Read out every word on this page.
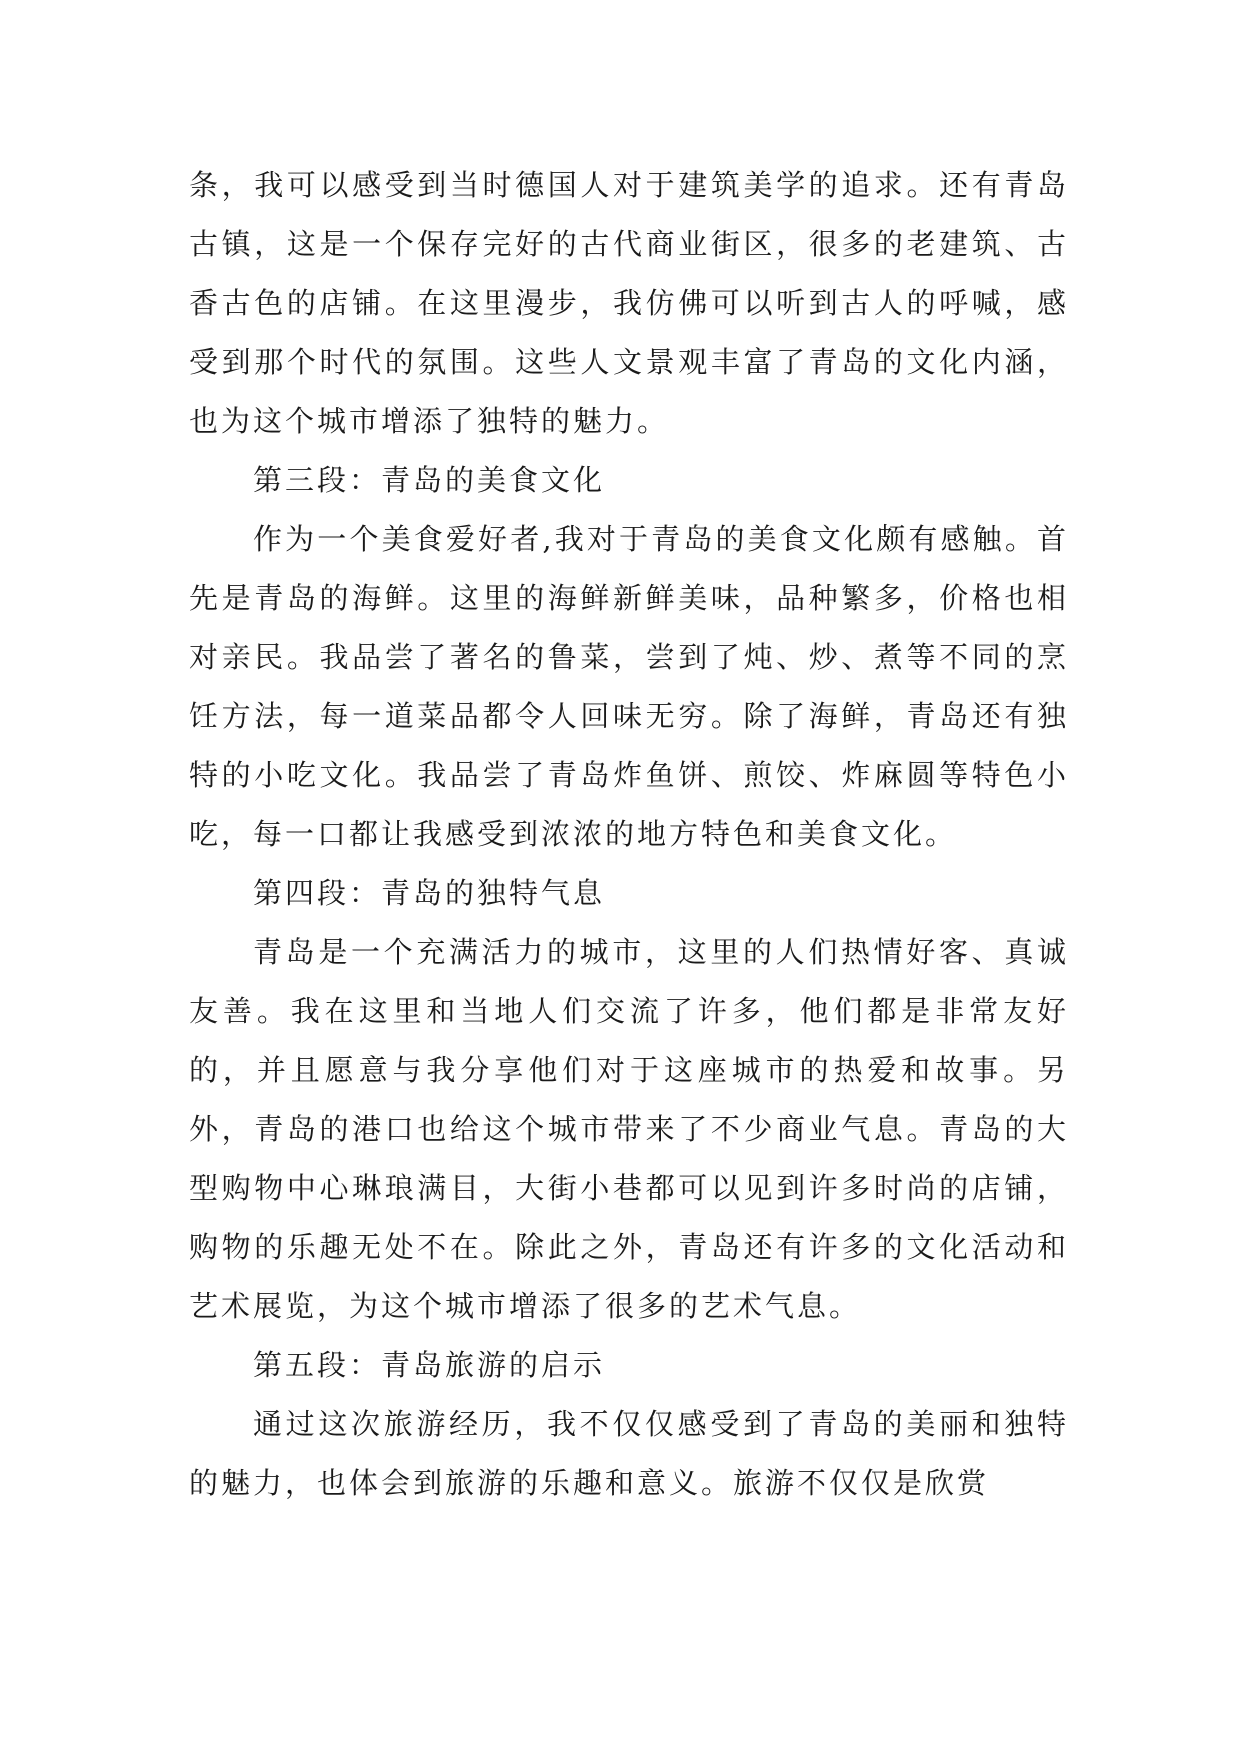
条，我可以感受到当时德国人对于建筑美学的追求。还有青岛古镇，这是一个保存完好的古代商业街区，很多的老建筑、古香古色的店铺。在这里漫步，我仿佛可以听到古人的呼喊，感受到那个时代的氛围。这些人文景观丰富了青岛的文化内涵，也为这个城市增添了独特的魅力。

第三段：青岛的美食文化

作为一个美食爱好者,我对于青岛的美食文化颇有感触。首先是青岛的海鲜。这里的海鲜新鲜美味，品种繁多，价格也相对亲民。我品尝了著名的鲁菜，尝到了炖、炒、煮等不同的烹饪方法，每一道菜品都令人回味无穷。除了海鲜，青岛还有独特的小吃文化。我品尝了青岛炸鱼饼、煎饺、炸麻圆等特色小吃，每一口都让我感受到浓浓的地方特色和美食文化。

第四段：青岛的独特气息

青岛是一个充满活力的城市，这里的人们热情好客、真诚友善。我在这里和当地人们交流了许多，他们都是非常友好的，并且愿意与我分享他们对于这座城市的热爱和故事。另外，青岛的港口也给这个城市带来了不少商业气息。青岛的大型购物中心琳琅满目，大街小巷都可以见到许多时尚的店铺，购物的乐趣无处不在。除此之外，青岛还有许多的文化活动和艺术展览，为这个城市增添了很多的艺术气息。

第五段：青岛旅游的启示

通过这次旅游经历，我不仅仅感受到了青岛的美丽和独特的魅力，也体会到旅游的乐趣和意义。旅游不仅仅是欣赏
